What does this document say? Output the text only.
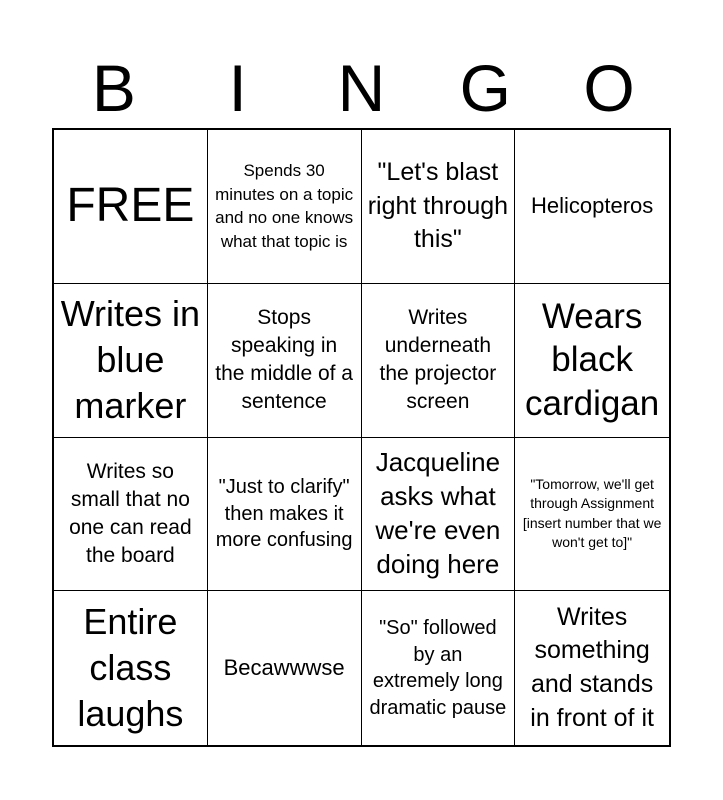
B	I	N	G	O
FREE
Spends 30 minutes on a topic and no one knows what that topic is
"Let's blast right through this"
Helicopteros
Writes in blue marker
Stops speaking in the middle of a sentence
Writes underneath the projector screen
Wears black cardigan
Writes so small that no one can read the board
"Just to clarify" then makes it more confusing
Jacqueline asks what we're even doing here
"Tomorrow, we'll get through Assignment [insert number that we won't get to]"
Entire class laughs
Becawwwse
"So" followed by an extremely long dramatic pause
Writes something and stands in front of it
